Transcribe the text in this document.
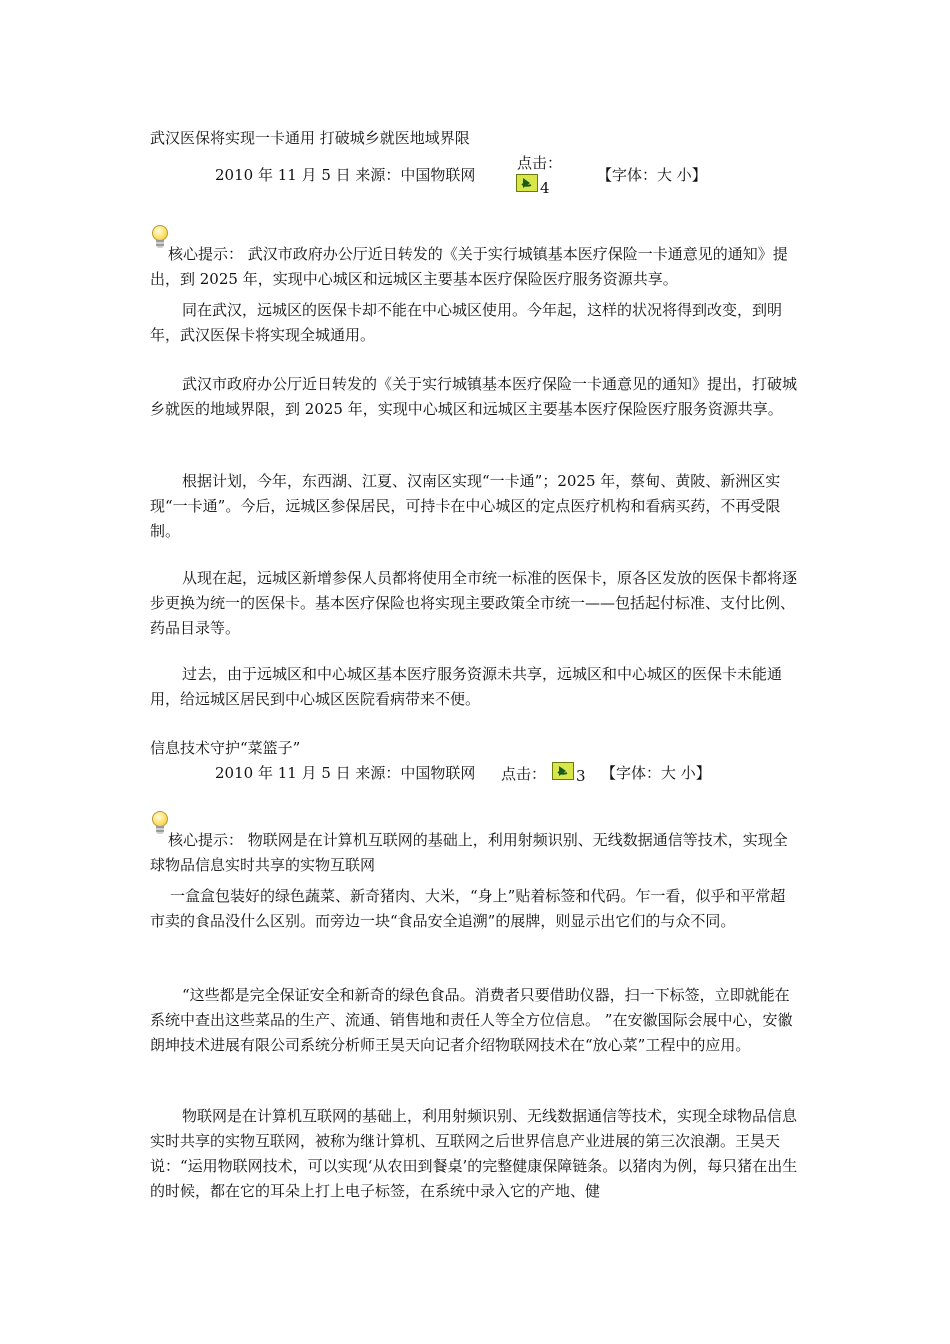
武汉医保将实现一卡通用 打破城乡就医地域界限
2010 年 11 月 5 日 来源：中国物联网
点击：
4
【字体：大 小】

核心提示： 武汉市政府办公厅近日转发的《关于实行城镇基本医疗保险一卡通意见的通知》提出，到 2025 年，实现中心城区和远城区主要基本医疗保险医疗服务资源共享。

同在武汉，远城区的医保卡却不能在中心城区使用。今年起，这样的状况将得到改变，到明年，武汉医保卡将实现全城通用。

武汉市政府办公厅近日转发的《关于实行城镇基本医疗保险一卡通意见的通知》提出，打破城乡就医的地域界限，到 2025 年，实现中心城区和远城区主要基本医疗保险医疗服务资源共享。

根据计划，今年，东西湖、江夏、汉南区实现“一卡通”；2025 年，蔡甸、黄陂、新洲区实现“一卡通”。今后，远城区参保居民，可持卡在中心城区的定点医疗机构和看病买药，不再受限制。

从现在起，远城区新增参保人员都将使用全市统一标准的医保卡，原各区发放的医保卡都将逐步更换为统一的医保卡。基本医疗保险也将实现主要政策全市统一——包括起付标准、支付比例、药品目录等。

过去，由于远城区和中心城区基本医疗服务资源未共享，远城区和中心城区的医保卡未能通用，给远城区居民到中心城区医院看病带来不便。

信息技术守护“菜篮子”
2010 年 11 月 5 日 来源：中国物联网 点击： 3 【字体：大 小】

核心提示： 物联网是在计算机互联网的基础上，利用射频识别、无线数据通信等技术，实现全球物品信息实时共享的实物互联网

一盒盒包装好的绿色蔬菜、新奇猪肉、大米，“身上”贴着标签和代码。乍一看，似乎和平常超市卖的食品没什么区别。而旁边一块“食品安全追溯”的展牌，则显示出它们的与众不同。

“这些都是完全保证安全和新奇的绿色食品。消费者只要借助仪器，扫一下标签，立即就能在系统中查出这些菜品的生产、流通、销售地和责任人等全方位信息。 ”在安徽国际会展中心，安徽朗坤技术进展有限公司系统分析师王昊天向记者介绍物联网技术在“放心菜”工程中的应用。

物联网是在计算机互联网的基础上，利用射频识别、无线数据通信等技术，实现全球物品信息实时共享的实物互联网，被称为继计算机、互联网之后世界信息产业进展的第三次浪潮。王昊天说：“运用物联网技术，可以实现‘从农田到餐桌’的完整健康保障链条。以猪肉为例，每只猪在出生的时候，都在它的耳朵上打上电子标签，在系统中录入它的产地、健
